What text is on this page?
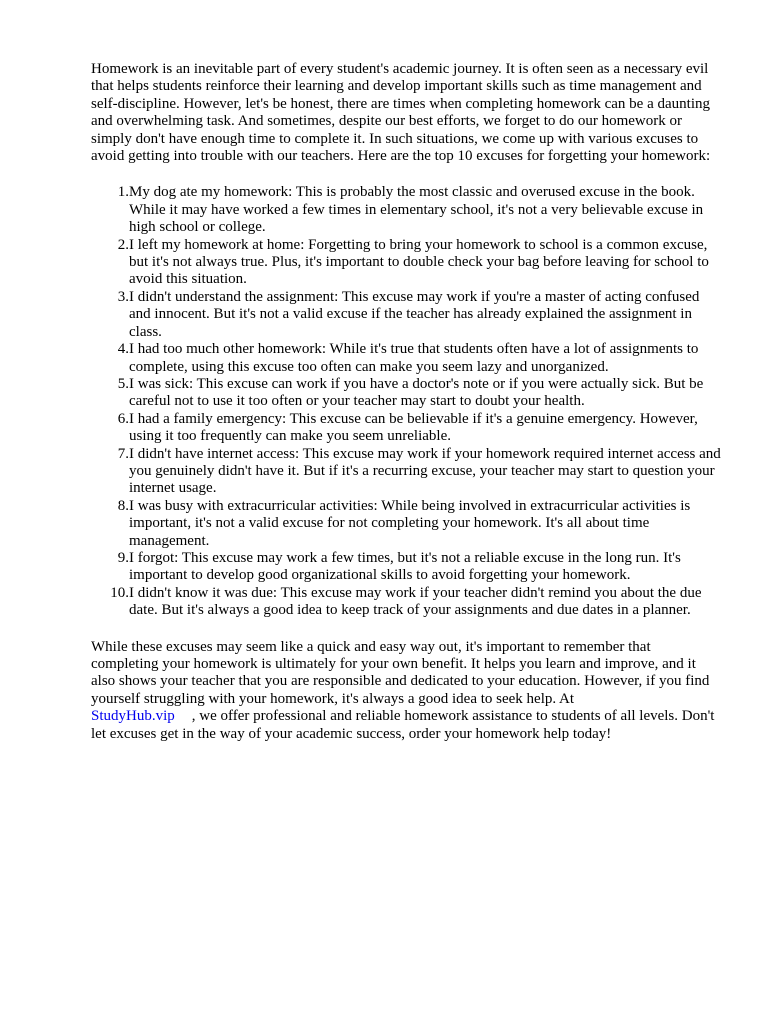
Homework is an inevitable part of every student's academic journey. It is often seen as a necessary evil that helps students reinforce their learning and develop important skills such as time management and self-discipline. However, let's be honest, there are times when completing homework can be a daunting and overwhelming task. And sometimes, despite our best efforts, we forget to do our homework or simply don't have enough time to complete it. In such situations, we come up with various excuses to avoid getting into trouble with our teachers. Here are the top 10 excuses for forgetting your homework:

1. My dog ate my homework: This is probably the most classic and overused excuse in the book. While it may have worked a few times in elementary school, it's not a very believable excuse in high school or college.
2. I left my homework at home: Forgetting to bring your homework to school is a common excuse, but it's not always true. Plus, it's important to double check your bag before leaving for school to avoid this situation.
3. I didn't understand the assignment: This excuse may work if you're a master of acting confused and innocent. But it's not a valid excuse if the teacher has already explained the assignment in class.
4. I had too much other homework: While it's true that students often have a lot of assignments to complete, using this excuse too often can make you seem lazy and unorganized.
5. I was sick: This excuse can work if you have a doctor's note or if you were actually sick. But be careful not to use it too often or your teacher may start to doubt your health.
6. I had a family emergency: This excuse can be believable if it's a genuine emergency. However, using it too frequently can make you seem unreliable.
7. I didn't have internet access: This excuse may work if your homework required internet access and you genuinely didn't have it. But if it's a recurring excuse, your teacher may start to question your internet usage.
8. I was busy with extracurricular activities: While being involved in extracurricular activities is important, it's not a valid excuse for not completing your homework. It's all about time management.
9. I forgot: This excuse may work a few times, but it's not a reliable excuse in the long run. It's important to develop good organizational skills to avoid forgetting your homework.
10. I didn't know it was due: This excuse may work if your teacher didn't remind you about the due date. But it's always a good idea to keep track of your assignments and due dates in a planner.

While these excuses may seem like a quick and easy way out, it's important to remember that completing your homework is ultimately for your own benefit. It helps you learn and improve, and it also shows your teacher that you are responsible and dedicated to your education. However, if you find yourself struggling with your homework, it's always a good idea to seek help. At
StudyHub.vip , we offer professional and reliable homework assistance to students of all levels. Don't let excuses get in the way of your academic success, order your homework help today!
